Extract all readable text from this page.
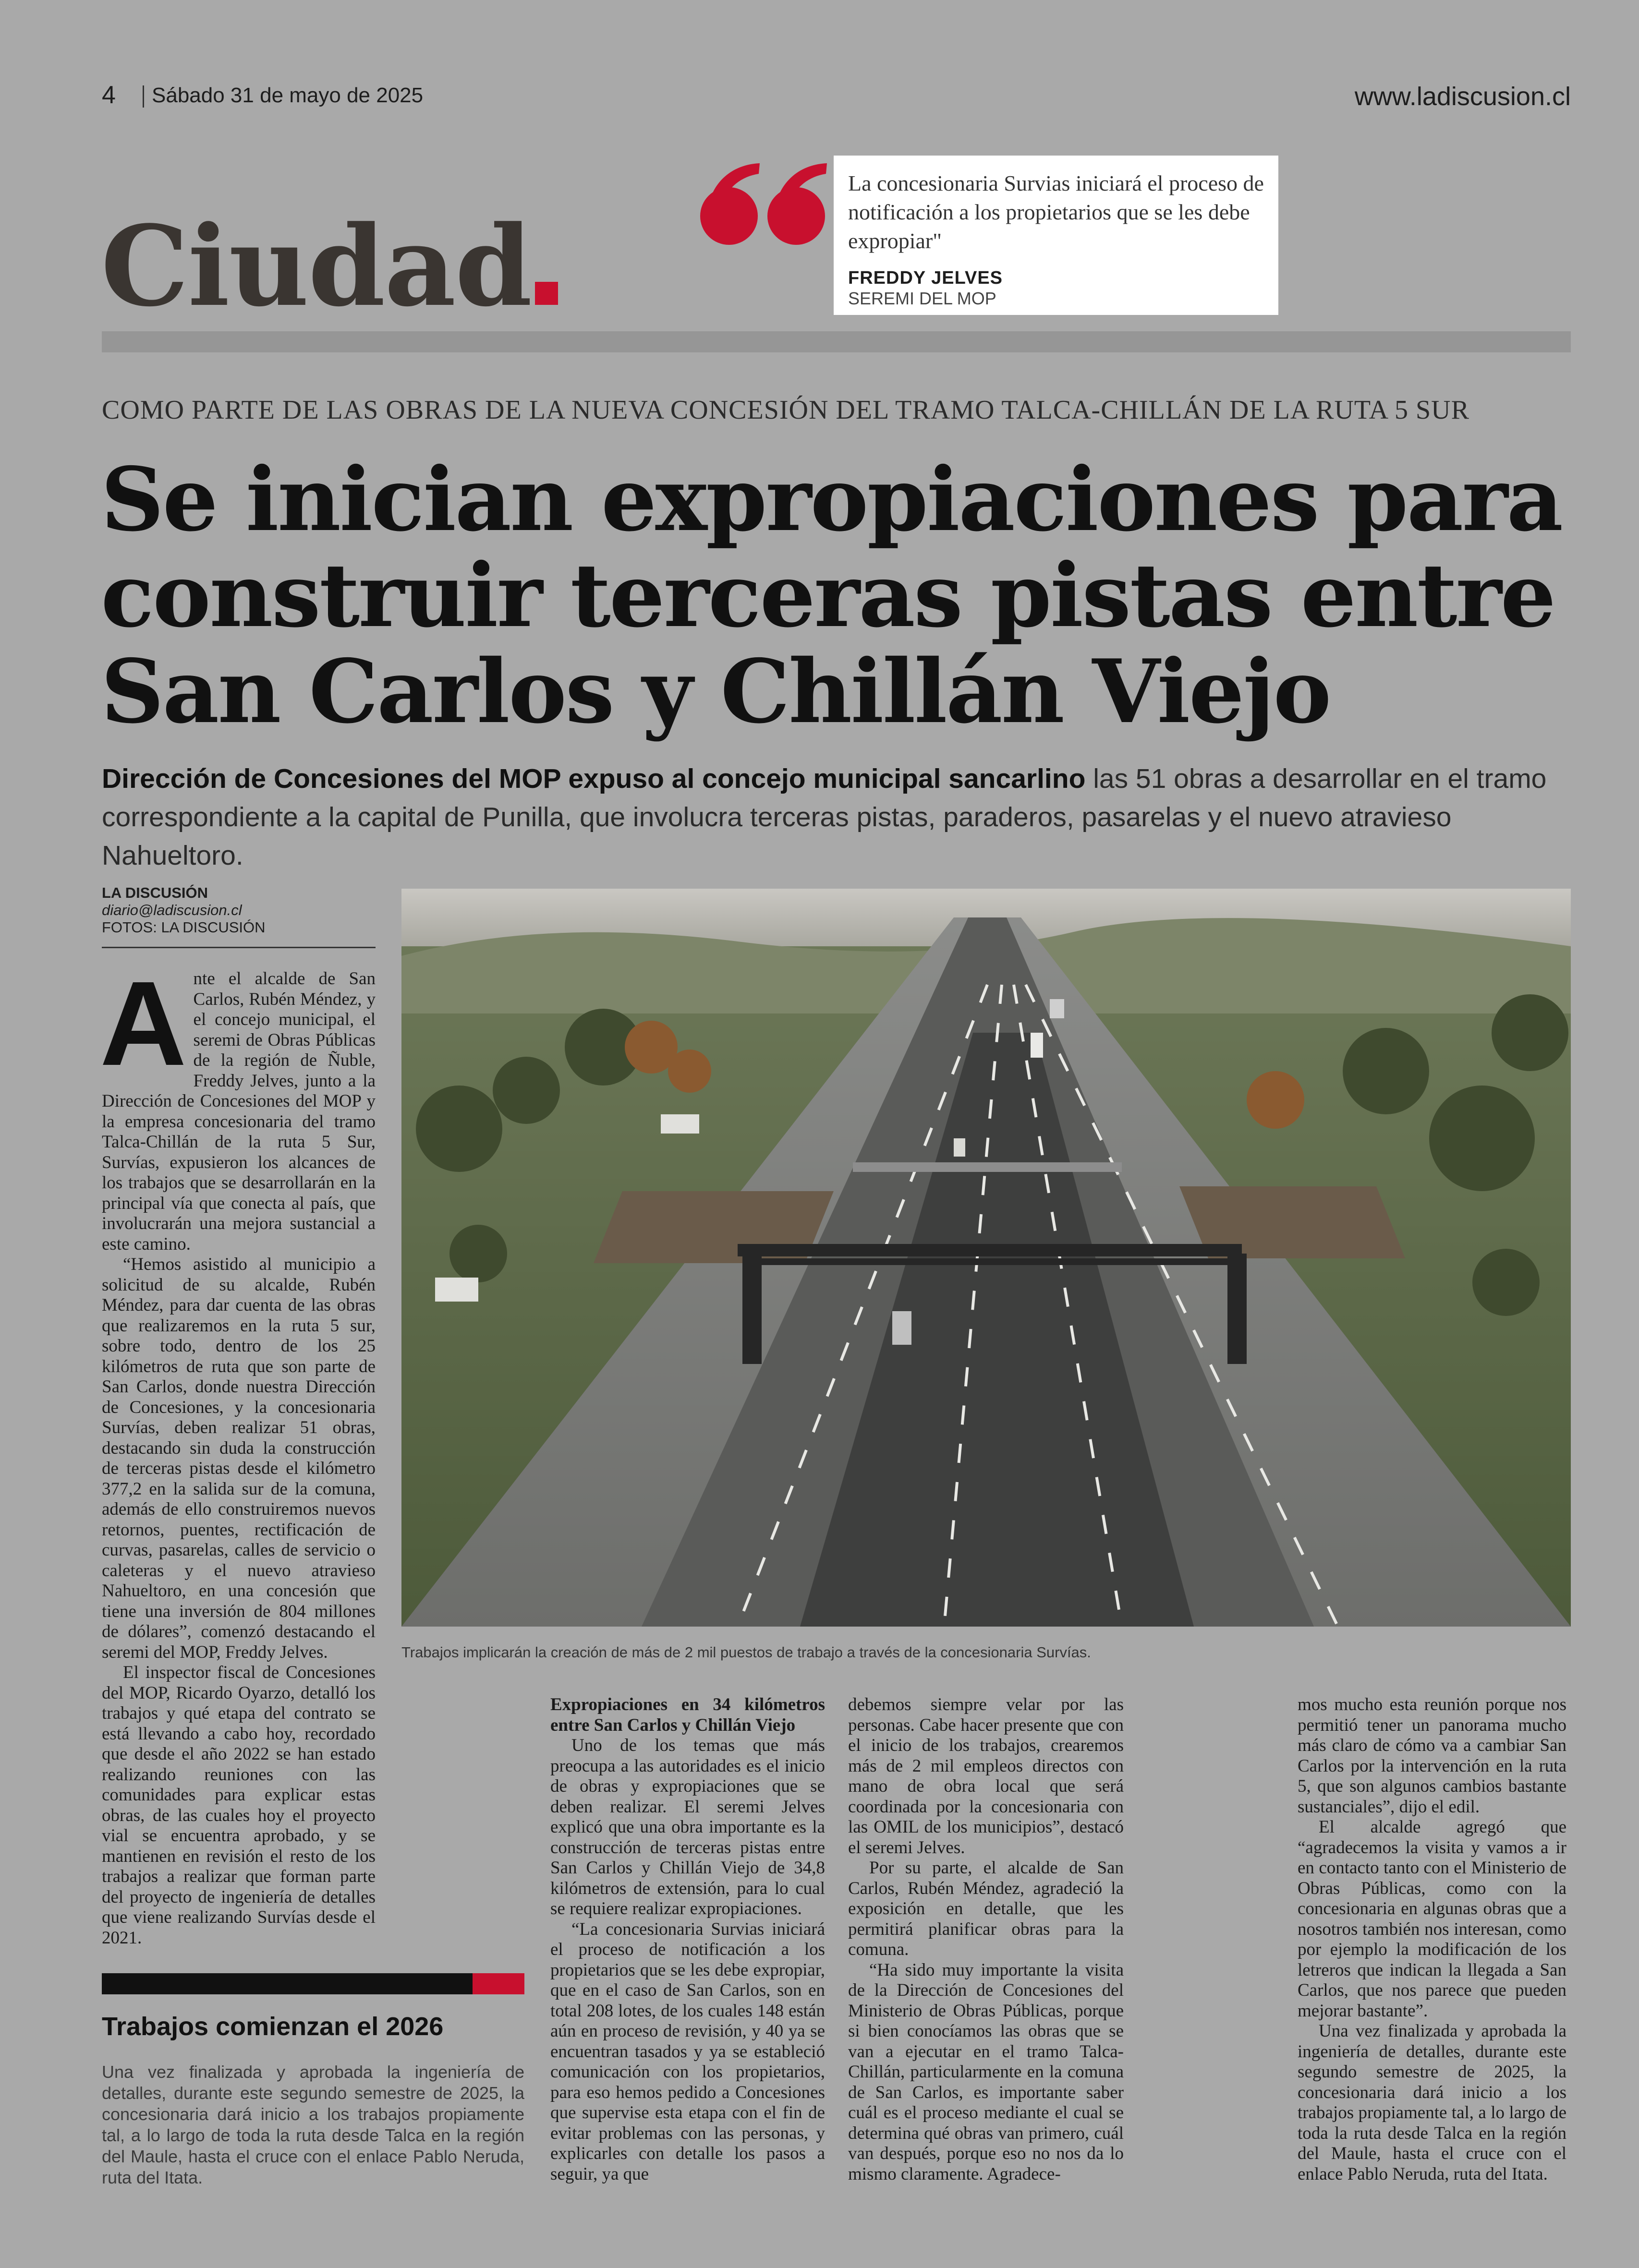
4 Sábado 31 de mayo de 2025	www.ladiscusion.cl
Ciudad
La concesionaria Survias iniciará el proceso de notificación a los propietarios que se les debe expropiar"
FREDDY JELVES
SEREMI DEL MOP
COMO PARTE DE LAS OBRAS DE LA NUEVA CONCESIÓN DEL TRAMO TALCA-CHILLÁN DE LA RUTA 5 SUR
Se inician expropiaciones para
construir terceras pistas entre
San Carlos y Chillán Viejo
Dirección de Concesiones del MOP expuso al concejo municipal sancarlino las 51 obras a desarrollar en el tramo correspondiente a la capital de Punilla, que involucra terceras pistas, paraderos, pasarelas y el nuevo atravieso Nahueltoro.
LA DISCUSIÓN
diario@ladiscusion.cl
FOTOS: LA DISCUSIÓN
A nte el alcalde de San Carlos, Rubén Méndez, y el concejo municipal, el seremi de Obras Públicas de la región de Ñuble, Freddy Jelves, junto a la Dirección de Concesiones del MOP y la empresa concesionaria del tramo Talca-Chillán de la ruta 5 Sur, Survías, expusieron los alcances de los trabajos que se desarrollarán en la principal vía que conecta al país, que involucrarán una mejora sustancial a este camino.

“Hemos asistido al municipio a solicitud de su alcalde, Rubén Méndez, para dar cuenta de las obras que realizaremos en la ruta 5 sur, sobre todo, dentro de los 25 kilómetros de ruta que son parte de San Carlos, donde nuestra Dirección de Concesiones, y la concesionaria Survías, deben realizar 51 obras, destacando sin duda la construcción de terceras pistas desde el kilómetro 377,2 en la salida sur de la comuna, además de ello construiremos nuevos retornos, puentes, rectificación de curvas, pasarelas, calles de servicio o caleteras y el nuevo atravieso Nahueltoro, en una concesión que tiene una inversión de 804 millones de dólares”, comenzó destacando el seremi del MOP, Freddy Jelves.

El inspector fiscal de Concesiones del MOP, Ricardo Oyarzo, detalló los trabajos y qué etapa del contrato se está llevando a cabo hoy, recordado que desde el año 2022 se han estado realizando reuniones con las comunidades para explicar estas obras, de las cuales hoy el proyecto vial se encuentra aprobado, y se mantienen en revisión el resto de los trabajos a realizar que forman parte del proyecto de ingeniería de detalles que viene realizando Survías desde el 2021.

Trabajos implicarán la creación de más de 2 mil puestos de trabajo a través de la concesionaria Survías.
Trabajos comienzan el 2026
Una vez finalizada y aprobada la ingeniería de detalles, durante este segundo semestre de 2025, la concesionaria dará inicio a los trabajos propiamente tal, a lo largo de toda la ruta desde Talca en la región del Maule, hasta el cruce con el enlace Pablo Neruda, ruta del Itata.

Expropiaciones en 34 kilómetros entre San Carlos y Chillán Viejo

Uno de los temas que más preocupa a las autoridades es el inicio de obras y expropiaciones que se deben realizar. El seremi Jelves explicó que una obra importante es la construcción de terceras pistas entre San Carlos y Chillán Viejo de 34,8 kilómetros de extensión, para lo cual se requiere realizar expropiaciones.

“La concesionaria Survias iniciará el proceso de notificación a los propietarios que se les debe expropiar, que en el caso de San Carlos, son en total 208 lotes, de los cuales 148 están aún en proceso de revisión, y 40 ya se encuentran tasados y ya se estableció comunicación con los propietarios, para eso hemos pedido a Concesiones que supervise esta etapa con el fin de evitar problemas con las personas, y explicarles con detalle los pasos a seguir, ya que

debemos siempre velar por las personas. Cabe hacer presente que con el inicio de los trabajos, crearemos más de 2 mil empleos directos con mano de obra local que será coordinada por la concesionaria con las OMIL de los municipios”, destacó el seremi Jelves.

Por su parte, el alcalde de San Carlos, Rubén Méndez, agradeció la exposición en detalle, que les permitirá planificar obras para la comuna.

“Ha sido muy importante la visita de la Dirección de Concesiones del Ministerio de Obras Públicas, porque si bien conocíamos las obras que se van a ejecutar en el tramo Talca-Chillán, particularmente en la comuna de San Carlos, es importante saber cuál es el proceso mediante el cual se determina qué obras van primero, cuál van después, porque eso no nos da lo mismo claramente. Agradece-

mos mucho esta reunión porque nos permitió tener un panorama mucho más claro de cómo va a cambiar San Carlos por la intervención en la ruta 5, que son algunos cambios bastante sustanciales”, dijo el edil.

El alcalde agregó que “agradecemos la visita y vamos a ir en contacto tanto con el Ministerio de Obras Públicas, como con la concesionaria en algunas obras que a nosotros también nos interesan, como por ejemplo la modificación de los letreros que indican la llegada a San Carlos, que nos parece que pueden mejorar bastante”.

Una vez finalizada y aprobada la ingeniería de detalles, durante este segundo semestre de 2025, la concesionaria dará inicio a los trabajos propiamente tal, a lo largo de toda la ruta desde Talca en la región del Maule, hasta el cruce con el enlace Pablo Neruda, ruta del Itata.
